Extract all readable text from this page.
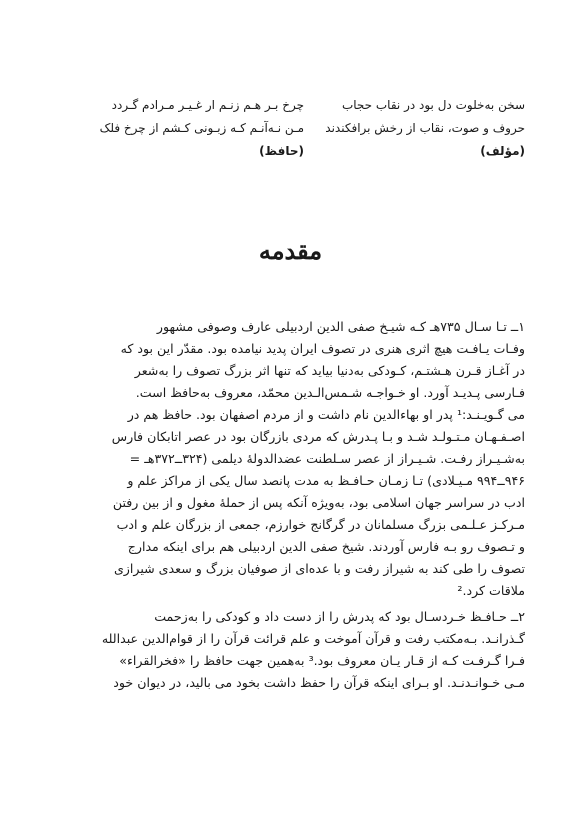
سخن به‌خلوت دل بود در نقاب حجاب
حروف و صوت، نقاب از رخش برافکندند
(مؤلف)
چرخ بـر هـم زنـم ار غـیـر مـرادم گـردد
مـن نـه‌آنـم کـه زبـونی کـشم از چرخ فلک
(حافظ)
مقدمه
۱ــ تـا سـال ۷۳۵هـ کـه شیـخ صفی الدین اردبیلی عارف وصوفی مشهور
وفـات یـافـت هیچ اثری هنری در تصوف ایران پدید نیامده بود. مقدّر این بود که
در آغـاز قـرن هـشتـم، کـودکی به‌دنیا بیاید که تنها اثر بزرگ تصوف را به‌شعر
فـارسی پـدیـد آورد. او خـواجـه شـمس‌الـدین محمّد، معروف به‌حافظ است.
می گـویـنـد:¹ پدر او بهاءالدین نام داشت و از مردم اصفهان بود. حافظ هم در
اصـفـهـان مـتـولـد شـد و بـا پـدرش که مردی بازرگان بود در عصر اتابکان فارس
به‌شـیـراز رفـت. شـیـراز از عصر سـلطنت عضدالدولهٔ دیلمی (۳۲۴ــ۳۷۲هـ =
۹۴۶ــ۹۹۴ مـیـلادی) تـا زمـان حـافـظ به مدت پانصد سال یکی از مراکز علم و
ادب در سراسر جهان اسلامی بود، به‌ویژه آنکه پس از حملهٔ مغول و از بین رفتن
مـرکـز عـلـمی بزرگ مسلمانان در گرگانج خوارزم، جمعی از بزرگان علم و ادب
و تـصوف رو بـه فارس آوردند. شیخ صفی الدین اردبیلی هم برای اینکه مدارج
تصوف را طی کند به شیراز رفت و با عده‌ای از صوفیان بزرگ و سعدی شیرازی
ملاقات کرد.²
۲ــ حـافـظ خـردسـال بود که پدرش را از دست داد و کودکی را به‌زحمت
گـذرانـد. بـه‌مکتب رفت و قرآن آموخت و علم قرائت قرآن را از قوام‌الدین عبدالله
فـرا گـرفـت کـه از قـار یـان معروف بود.³ به‌همین جهت حافظ را «فخرالقراء»
مـی خـوانـدنـد. او بـرای اینکه قرآن را حفظ داشت بخود می بالید، در دیوان خود
